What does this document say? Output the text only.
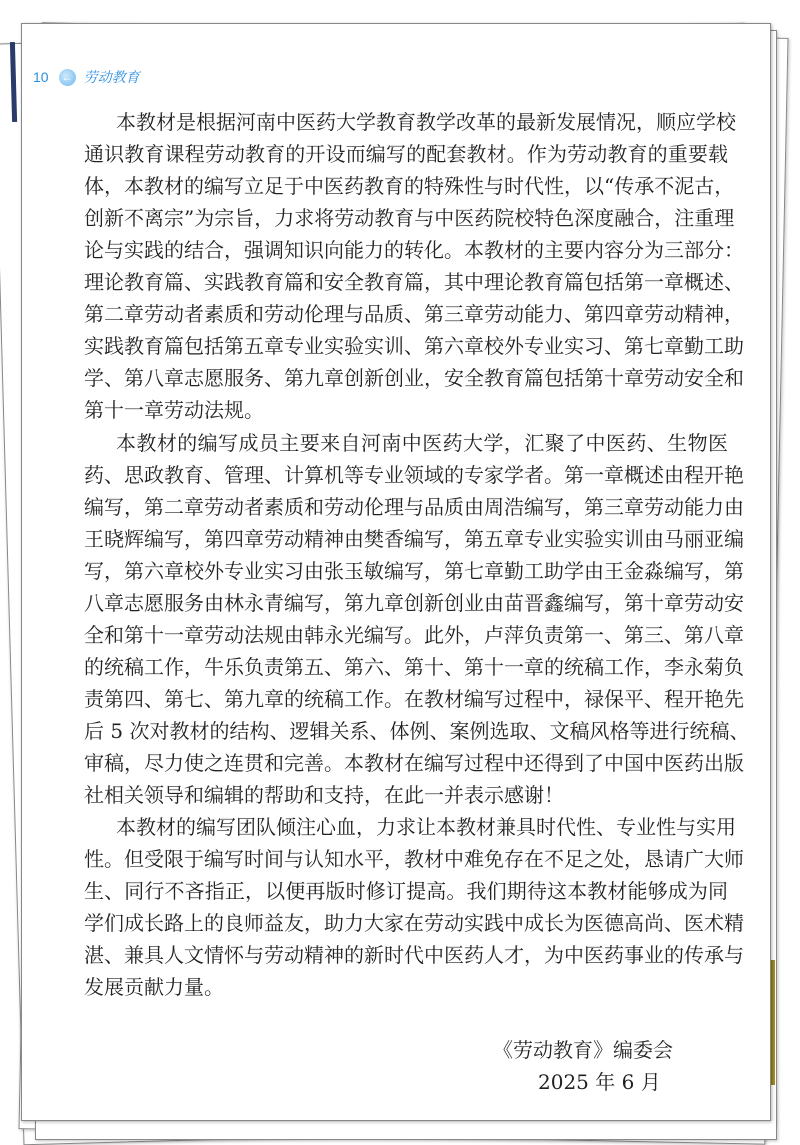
10 ← 劳动教育
本教材是根据河南中医药大学教育教学改革的最新发展情况，顺应学校
通识教育课程劳动教育的开设而编写的配套教材。作为劳动教育的重要载
体，本教材的编写立足于中医药教育的特殊性与时代性，以“传承不泥古，
创新不离宗”为宗旨，力求将劳动教育与中医药院校特色深度融合，注重理
论与实践的结合，强调知识向能力的转化。本教材的主要内容分为三部分：
理论教育篇、实践教育篇和安全教育篇，其中理论教育篇包括第一章概述、
第二章劳动者素质和劳动伦理与品质、第三章劳动能力、第四章劳动精神，
实践教育篇包括第五章专业实验实训、第六章校外专业实习、第七章勤工助
学、第八章志愿服务、第九章创新创业，安全教育篇包括第十章劳动安全和
第十一章劳动法规。
本教材的编写成员主要来自河南中医药大学，汇聚了中医药、生物医
药、思政教育、管理、计算机等专业领域的专家学者。第一章概述由程开艳
编写，第二章劳动者素质和劳动伦理与品质由周浩编写，第三章劳动能力由
王晓辉编写，第四章劳动精神由樊香编写，第五章专业实验实训由马丽亚编
写，第六章校外专业实习由张玉敏编写，第七章勤工助学由王金淼编写，第
八章志愿服务由林永青编写，第九章创新创业由苗晋鑫编写，第十章劳动安
全和第十一章劳动法规由韩永光编写。此外，卢萍负责第一、第三、第八章
的统稿工作，牛乐负责第五、第六、第十、第十一章的统稿工作，李永菊负
责第四、第七、第九章的统稿工作。在教材编写过程中，禄保平、程开艳先
后 5 次对教材的结构、逻辑关系、体例、案例选取、文稿风格等进行统稿、
审稿，尽力使之连贯和完善。本教材在编写过程中还得到了中国中医药出版
社相关领导和编辑的帮助和支持，在此一并表示感谢！
本教材的编写团队倾注心血，力求让本教材兼具时代性、专业性与实用
性。但受限于编写时间与认知水平，教材中难免存在不足之处，恳请广大师
生、同行不吝指正，以便再版时修订提高。我们期待这本教材能够成为同
学们成长路上的良师益友，助力大家在劳动实践中成长为医德高尚、医术精
湛、兼具人文情怀与劳动精神的新时代中医药人才，为中医药事业的传承与
发展贡献力量。
《劳动教育》编委会
2025 年 6 月
